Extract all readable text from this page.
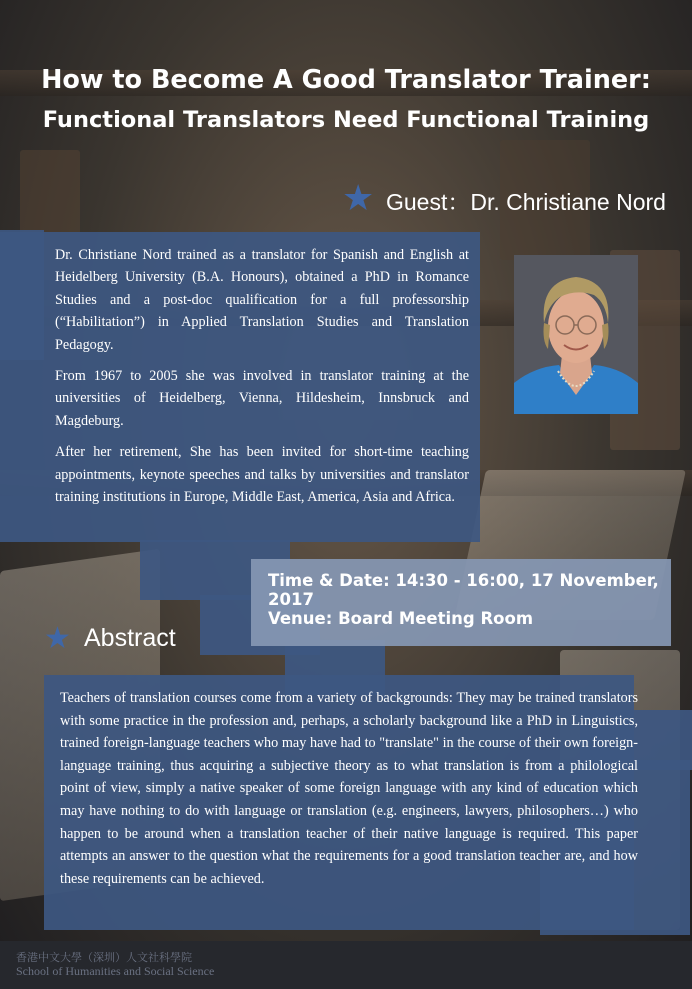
How to Become A Good Translator Trainer:
Functional Translators Need Functional Training
★ Guest：Dr. Christiane Nord

Dr. Christiane Nord trained as a translator for Spanish and English at Heidelberg University (B.A. Honours), obtained a PhD in Romance Studies and a post-doc qualification for a full professorship (“Habilitation”) in Applied Translation Studies and Translation Pedagogy.

From 1967 to 2005 she was involved in translator training at the universities of Heidelberg, Vienna, Hildesheim, Innsbruck and Magdeburg.

After her retirement, She has been invited for short-time teaching appointments, keynote speeches and talks by universities and translator training institutions in Europe, Middle East, America, Asia and Africa.

Time & Date: 14:30 - 16:00, 17 November, 2017
Venue: Board Meeting Room
★ Abstract

Teachers of translation courses come from a variety of backgrounds: They may be trained translators with some practice in the profession and, perhaps, a scholarly background like a PhD in Linguistics, trained foreign-language teachers who may have had to "translate" in the course of their own foreign-language training, thus acquiring a subjective theory as to what translation is from a philological point of view, simply a native speaker of some foreign language with any kind of education which may have nothing to do with language or translation (e.g. engineers, lawyers, philosophers…) who happen to be around when a translation teacher of their native language is required. This paper attempts an answer to the question what the requirements for a good translation teacher are, and how these requirements can be achieved.

香港中文大學（深圳）人文社科學院
School of Humanities and Social Science
